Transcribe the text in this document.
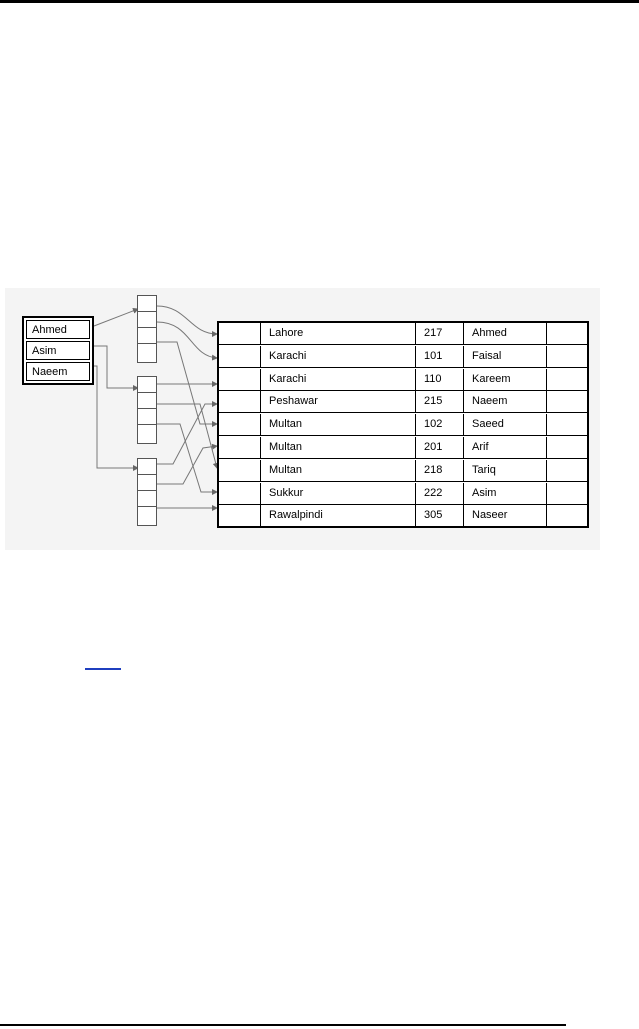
Ahmed
Asim
Naeem
Lahore	217	Ahmed
Karachi	101	Faisal
Karachi	110	Kareem
Peshawar	215	Naeem
Multan	102	Saeed
Multan	201	Arif
Multan	218	Tariq
Sukkur	222	Asim
Rawalpindi	305	Naseer
